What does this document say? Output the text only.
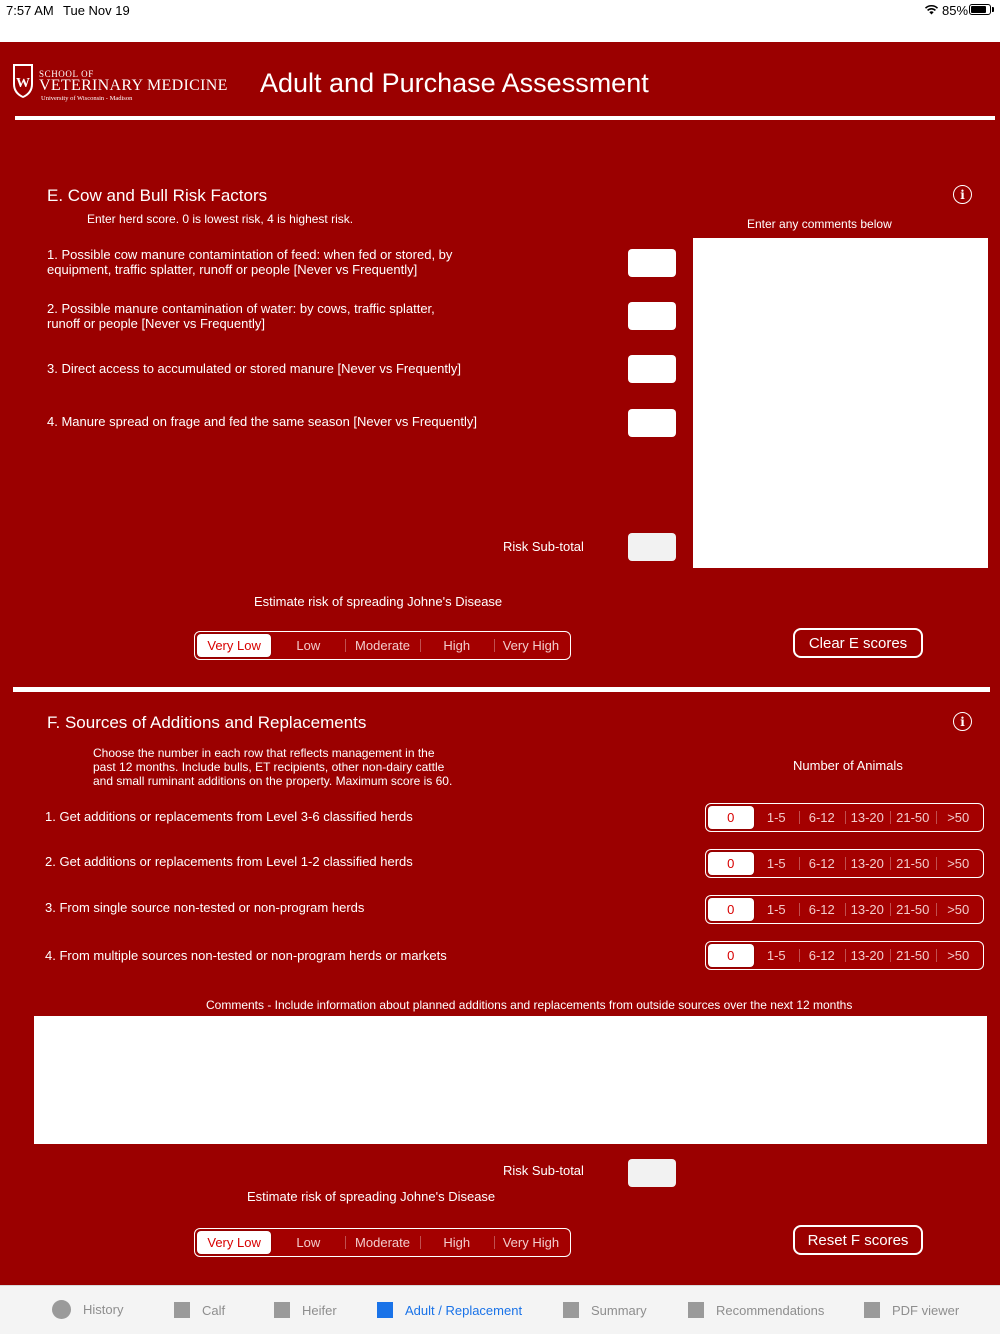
7:57 AM Tue Nov 19	85%
W
SCHOOL OF
VETERINARY MEDICINE
University of Wisconsin - Madison
Adult and Purchase Assessment
E. Cow and Bull Risk Factors	i
Enter herd score. 0 is lowest risk, 4 is highest risk.	Enter any comments below
1. Possible cow manure contamintation of feed: when fed or stored, by
equipment, traffic splatter, runoff or people [Never vs Frequently]
2. Possible manure contamination of water: by cows, traffic splatter,
runoff or people [Never vs Frequently]
3. Direct access to accumulated or stored manure [Never vs Frequently]
4. Manure spread on frage and fed the same season [Never vs Frequently]
Risk Sub-total
Estimate risk of spreading Johne's Disease
Very Low	Low	Moderate	High	Very High	Clear E scores
F. Sources of Additions and Replacements	i
Choose the number in each row that reflects management in the
past 12 months. Include bulls, ET recipients, other non-dairy cattle
and small ruminant additions on the property. Maximum score is 60.
Number of Animals
1. Get additions or replacements from Level 3-6 classified herds	0	1-5	6-12	13-20 21-50	>50
2. Get additions or replacements from Level 1-2 classified herds	0	1-5	6-12	13-20 21-50	>50
3. From single source non-tested or non-program herds	0	1-5	6-12	13-20 21-50	>50
4. From multiple sources non-tested or non-program herds or markets	0	1-5	6-12	13-20 21-50	>50
Comments - Include information about planned additions and replacements from outside sources over the next 12 months
Risk Sub-total
Estimate risk of spreading Johne's Disease
Very Low	Low	Moderate	High	Very High	Reset F scores
History	Calf	Heifer	Adult / Replacement	Summary	Recommendations	PDF viewer
